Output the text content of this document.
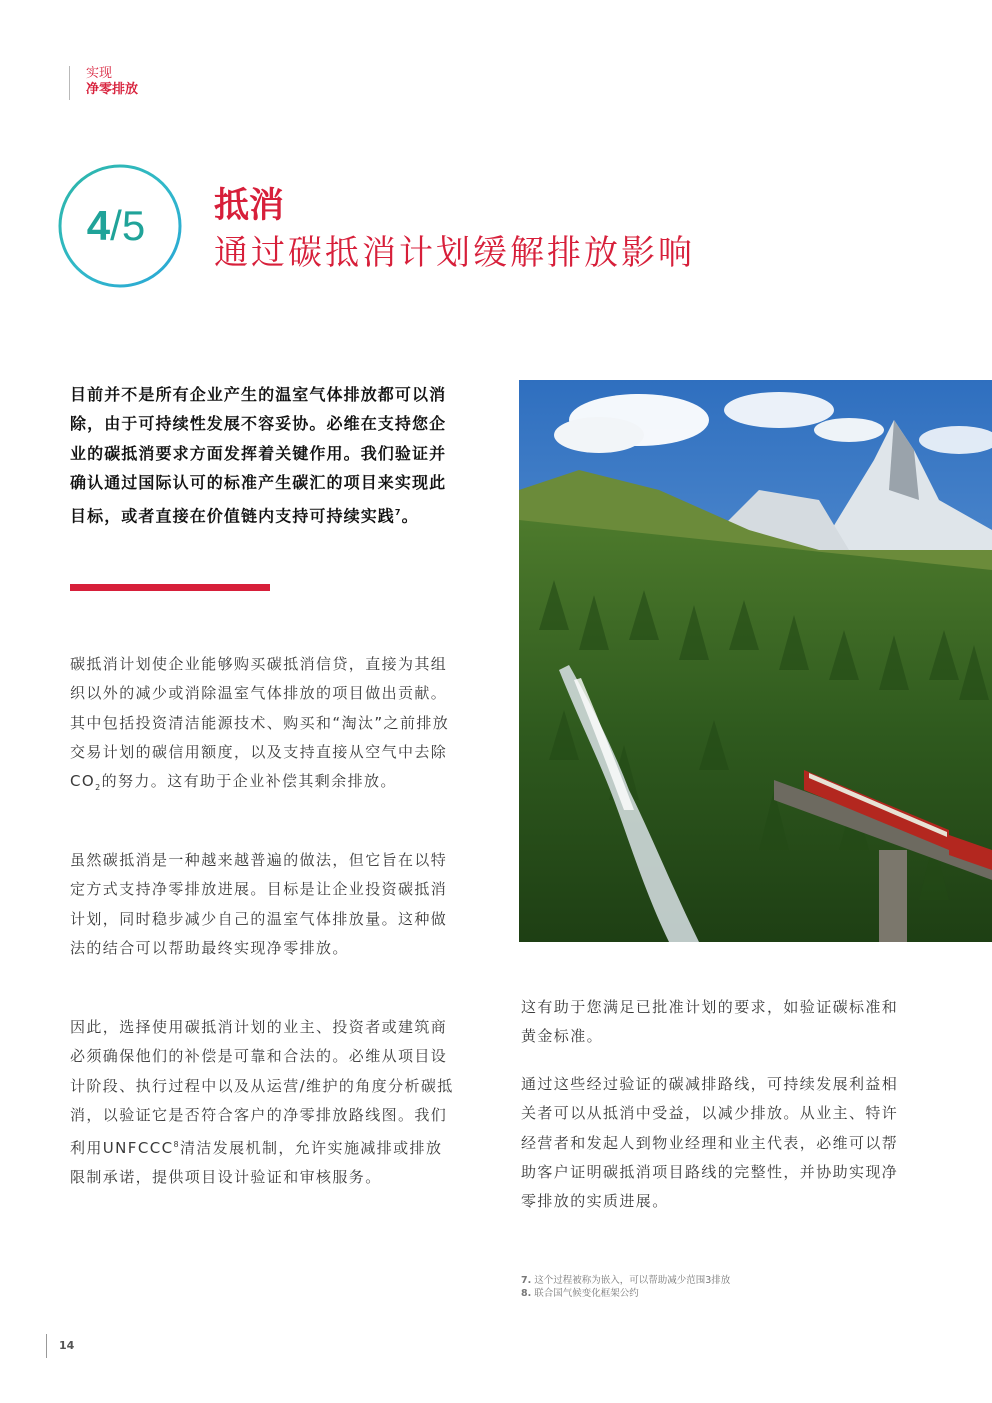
实现
净零排放
4/5	抵消
通过碳抵消计划缓解排放影响
目前并不是所有企业产生的温室气体排放都可以消除，由于可持续性发展不容妥协。必维在支持您企业的碳抵消要求方面发挥着关键作用。我们验证并确认通过国际认可的标准产生碳汇的项目来实现此目标，或者直接在价值链内支持可持续实践$^7$。
碳抵消计划使企业能够购买碳抵消信贷，直接为其组织以外的减少或消除温室气体排放的项目做出贡献。其中包括投资清洁能源技术、购买和“淘汰”之前排放交易计划的碳信用额度，以及支持直接从空气中去除$CO_2$的努力。这有助于企业补偿其剩余排放。
虽然碳抵消是一种越来越普遍的做法，但它旨在以特定方式支持净零排放进展。目标是让企业投资碳抵消计划，同时稳步减少自己的温室气体排放量。这种做法的结合可以帮助最终实现净零排放。
因此，选择使用碳抵消计划的业主、投资者或建筑商必须确保他们的补偿是可靠和合法的。必维从项目设计阶段、执行过程中以及从运营/维护的角度分析碳抵消，以验证它是否符合客户的净零排放路线图。我们利用UNFCCC$^8$清洁发展机制，允许实施减排或排放限制承诺，提供项目设计验证和审核服务。
这有助于您满足已批准计划的要求，如验证碳标准和黄金标准。
通过这些经过验证的碳减排路线，可持续发展利益相关者可以从抵消中受益，以减少排放。从业主、特许经营者和发起人到物业经理和业主代表，必维可以帮助客户证明碳抵消项目路线的完整性，并协助实现净零排放的实质进展。
7. 这个过程被称为嵌入，可以帮助减少范围3排放
8. 联合国气候变化框架公约
14
